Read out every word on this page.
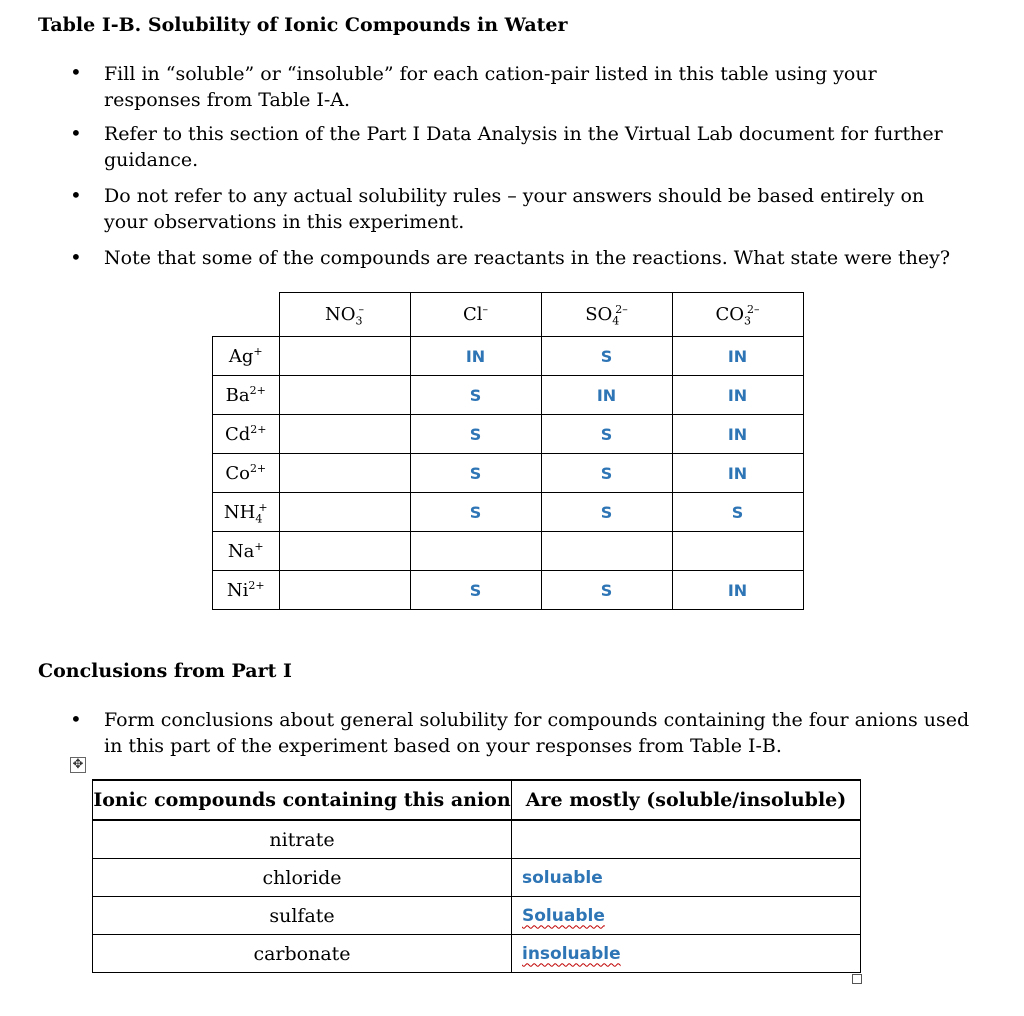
Table I-B. Solubility of Ionic Compounds in Water
• Fill in “soluble” or “insoluble” for each cation-pair listed in this table using your responses from Table I-A.
• Refer to this section of the Part I Data Analysis in the Virtual Lab document for further guidance.
• Do not refer to any actual solubility rules – your answers should be based entirely on your observations in this experiment.
• Note that some of the compounds are reactants in the reactions. What state were they?
	$NO_3^-$	Cl–	$SO_4^{2-}$	$CO_3^{2-}$
Ag+		IN	S	IN
$Ba^{2+}$		S	IN	IN
$Cd^{2+}$		S	S	IN
$Co^{2+}$		S	S	IN
$NH_4^+$		S	S	S
Na+				
$Ni^{2+}$		S	S	IN
Conclusions from Part I
• Form conclusions about general solubility for compounds containing the four anions used in this part of the experiment based on your responses from Table I-B.
✥
Ionic compounds containing this anion	Are mostly (soluble/insoluble)
nitrate	
chloride	soluable
sulfate	Soluable
carbonate	insoluable
